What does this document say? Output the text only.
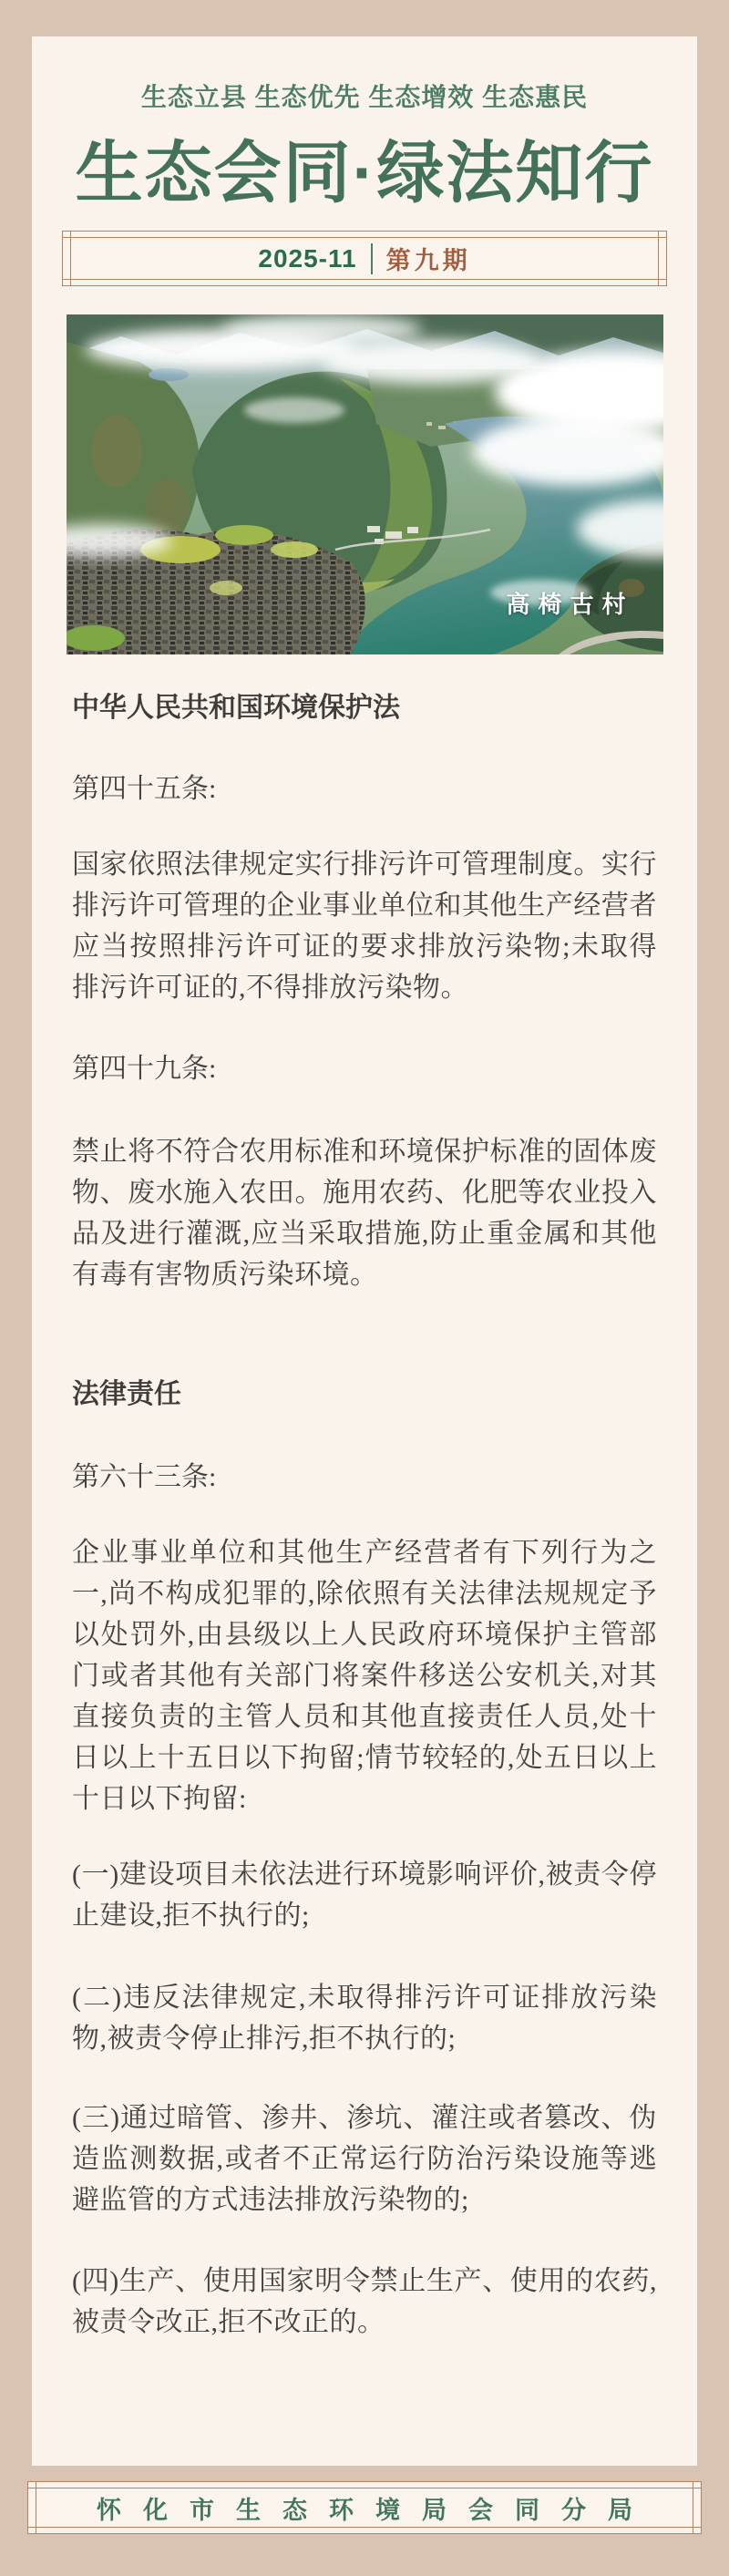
生态立县 生态优先 生态增效 生态惠民
生态会同·绿法知行
2025-11 第九期
高椅古村
中华人民共和国环境保护法
第四十五条:
国家依照法律规定实行排污许可管理制度。实行排污许可管理的企业事业单位和其他生产经营者应当按照排污许可证的要求排放污染物;未取得排污许可证的,不得排放污染物。
第四十九条:
禁止将不符合农用标准和环境保护标准的固体废物、废水施入农田。施用农药、化肥等农业投入品及进行灌溉,应当采取措施,防止重金属和其他有毒有害物质污染环境。
法律责任
第六十三条:
企业事业单位和其他生产经营者有下列行为之一,尚不构成犯罪的,除依照有关法律法规规定予以处罚外,由县级以上人民政府环境保护主管部门或者其他有关部门将案件移送公安机关,对其直接负责的主管人员和其他直接责任人员,处十日以上十五日以下拘留;情节较轻的,处五日以上十日以下拘留:
(一)建设项目未依法进行环境影响评价,被责令停止建设,拒不执行的;
(二)违反法律规定,未取得排污许可证排放污染物,被责令停止排污,拒不执行的;
(三)通过暗管、渗井、渗坑、灌注或者篡改、伪造监测数据,或者不正常运行防治污染设施等逃避监管的方式违法排放污染物的;
(四)生产、使用国家明令禁止生产、使用的农药,被责令改正,拒不改正的。
怀化市生态环境局会同分局
